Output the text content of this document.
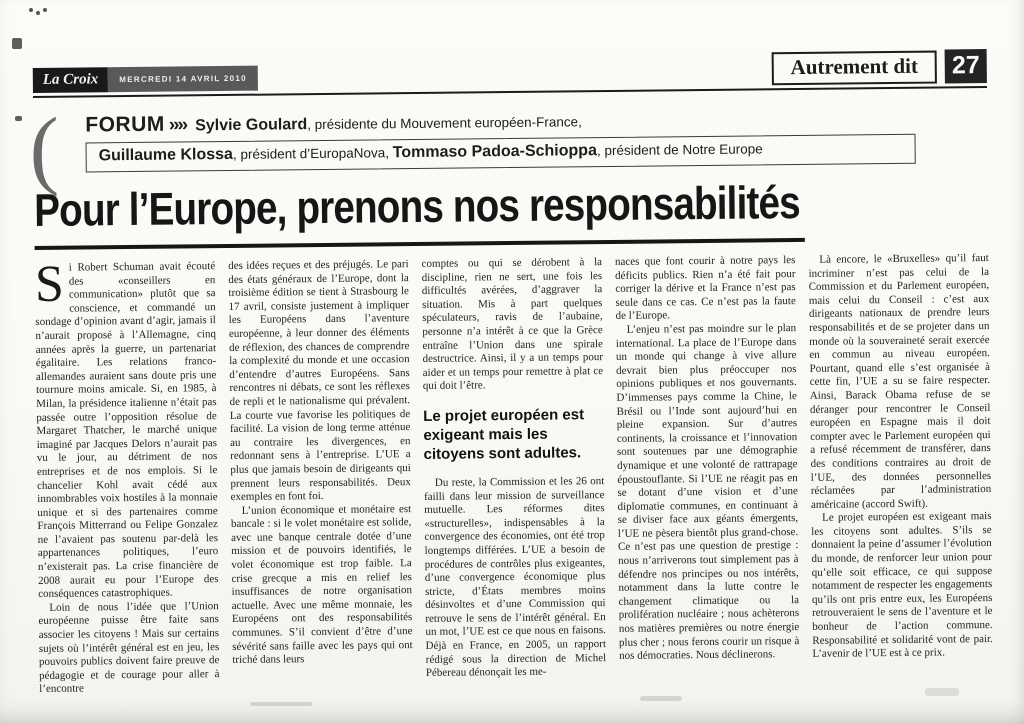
La Croix	MERCREDI 14 AVRIL 2010	Autrement dit	27
( FORUM ›››› Sylvie Goulard, présidente du Mouvement européen-France,
Guillaume Klossa, président d’EuropaNova, Tommaso Padoa-Schioppa, président de Notre Europe
Pour l’Europe, prenons nos responsabilités

Si Robert Schuman avait écouté des «conseillers en communication» plutôt que sa conscience, et commandé un sondage d’opinion avant d’agir, jamais il n’aurait proposé à l’Allemagne, cinq années après la guerre, un partenariat égalitaire. Les relations franco-allemandes auraient sans doute pris une tournure moins amicale. Si, en 1985, à Milan, la présidence italienne n’était pas passée outre l’opposition résolue de Margaret Thatcher, le marché unique imaginé par Jacques Delors n’aurait pas vu le jour, au détriment de nos entreprises et de nos emplois. Si le chancelier Kohl avait cédé aux innombrables voix hostiles à la monnaie unique et si des partenaires comme François Mitterrand ou Felipe Gonzalez ne l’avaient pas soutenu par-delà les appartenances politiques, l’euro n’existerait pas. La crise financière de 2008 aurait eu pour l’Europe des conséquences catastrophiques.

Loin de nous l’idée que l’Union européenne puisse être faite sans associer les citoyens ! Mais sur certains sujets où l’intérêt général est en jeu, les pouvoirs publics doivent faire preuve de pédagogie et de courage pour aller à l’encontre

des idées reçues et des préjugés. Le pari des états généraux de l’Europe, dont la troisième édition se tient à Strasbourg le 17 avril, consiste justement à impliquer les Européens dans l’aventure européenne, à leur donner des éléments de réflexion, des chances de comprendre la complexité du monde et une occasion d’entendre d’autres Européens. Sans rencontres ni débats, ce sont les réflexes de repli et le nationalisme qui prévalent. La courte vue favorise les politiques de facilité. La vision de long terme atténue au contraire les divergences, en redonnant sens à l’entreprise. L’UE a plus que jamais besoin de dirigeants qui prennent leurs responsabilités. Deux exemples en font foi.

L’union économique et monétaire est bancale : si le volet monétaire est solide, avec une banque centrale dotée d’une mission et de pouvoirs identifiés, le volet économique est trop faible. La crise grecque a mis en relief les insuffisances de notre organisation actuelle. Avec une même monnaie, les Européens ont des responsabilités communes. S’il convient d’être d’une sévérité sans faille avec les pays qui ont triché dans leurs

comptes ou qui se dérobent à la discipline, rien ne sert, une fois les difficultés avérées, d’aggraver la situation. Mis à part quelques spéculateurs, ravis de l’aubaine, personne n’a intérêt à ce que la Grèce entraîne l’Union dans une spirale destructrice. Ainsi, il y a un temps pour aider et un temps pour remettre à plat ce qui doit l’être.

Le projet européen est exigeant mais les citoyens sont adultes.

Du reste, la Commission et les 26 ont failli dans leur mission de surveillance mutuelle. Les réformes dites «structurelles», indispensables à la convergence des économies, ont été trop longtemps différées. L’UE a besoin de procédures de contrôles plus exigeantes, d’une convergence économique plus stricte, d’États membres moins désinvoltes et d’une Commission qui retrouve le sens de l’intérêt général. En un mot, l’UE est ce que nous en faisons. Déjà en France, en 2005, un rapport rédigé sous la direction de Michel Pébereau dénonçait les me-

naces que font courir à notre pays les déficits publics. Rien n’a été fait pour corriger la dérive et la France n’est pas seule dans ce cas. Ce n’est pas la faute de l’Europe.

L’enjeu n’est pas moindre sur le plan international. La place de l’Europe dans un monde qui change à vive allure devrait bien plus préoccuper nos opinions publiques et nos gouvernants. D’immenses pays comme la Chine, le Brésil ou l’Inde sont aujourd’hui en pleine expansion. Sur d’autres continents, la croissance et l’innovation sont soutenues par une démographie dynamique et une volonté de rattrapage époustouflante. Si l’UE ne réagit pas en se dotant d’une vision et d’une diplomatie communes, en continuant à se diviser face aux géants émergents, l’UE ne pèsera bientôt plus grand-chose. Ce n’est pas une question de prestige : nous n’arriverons tout simplement pas à défendre nos principes ou nos intérêts, notamment dans la lutte contre le changement climatique ou la prolifération nucléaire ; nous achèterons nos matières premières ou notre énergie plus cher ; nous ferons courir un risque à nos démocraties. Nous déclinerons.

Là encore, le «Bruxelles» qu’il faut incriminer n’est pas celui de la Commission et du Parlement européen, mais celui du Conseil : c’est aux dirigeants nationaux de prendre leurs responsabilités et de se projeter dans un monde où la souveraineté serait exercée en commun au niveau européen. Pourtant, quand elle s’est organisée à cette fin, l’UE a su se faire respecter. Ainsi, Barack Obama refuse de se déranger pour rencontrer le Conseil européen en Espagne mais il doit compter avec le Parlement européen qui a refusé récemment de transférer, dans des conditions contraires au droit de l’UE, des données personnelles réclamées par l’administration américaine (accord Swift).

Le projet européen est exigeant mais les citoyens sont adultes. S’ils se donnaient la peine d’assumer l’évolution du monde, de renforcer leur union pour qu’elle soit efficace, ce qui suppose notamment de respecter les engagements qu’ils ont pris entre eux, les Européens retrouveraient le sens de l’aventure et le bonheur de l’action commune. Responsabilité et solidarité vont de pair. L’avenir de l’UE est à ce prix.
